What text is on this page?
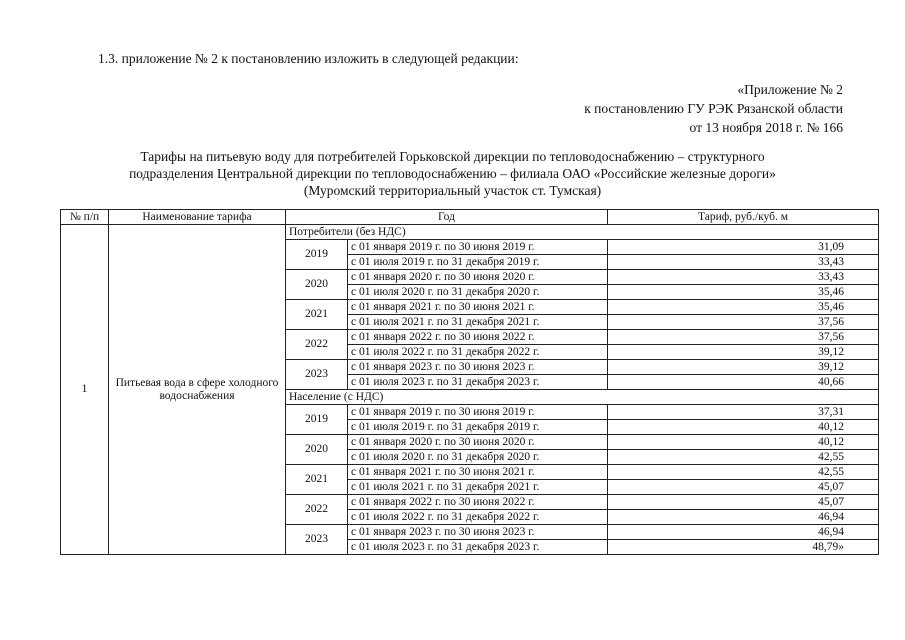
1.3. приложение № 2 к постановлению изложить в следующей редакции:
«Приложение № 2
к постановлению ГУ РЭК Рязанской области
от 13 ноября 2018 г. № 166
Тарифы на питьевую воду для потребителей Горьковской дирекции по тепловодоснабжению – структурного
подразделения Центральной дирекции по тепловодоснабжению – филиала ОАО «Российские железные дороги»
(Муромский территориальный участок ст. Тумская)
№ п/п	Наименование тарифа	Год		Тариф, руб./куб. м
1	Питьевая вода в сфере холодного водоснабжения	Потребители (без НДС)		
		2019	с 01 января 2019 г. по 30 июня 2019 г.	31,09
			с 01 июля 2019 г. по 31 декабря 2019 г.	33,43
		2020	с 01 января 2020 г. по 30 июня 2020 г.	33,43
			с 01 июля 2020 г. по 31 декабря 2020 г.	35,46
		2021	с 01 января 2021 г. по 30 июня 2021 г.	35,46
			с 01 июля 2021 г. по 31 декабря 2021 г.	37,56
		2022	с 01 января 2022 г. по 30 июня 2022 г.	37,56
			с 01 июля 2022 г. по 31 декабря 2022 г.	39,12
		2023	с 01 января 2023 г. по 30 июня 2023 г.	39,12
			с 01 июля 2023 г. по 31 декабря 2023 г.	40,66
		Население (с НДС)		
		2019	с 01 января 2019 г. по 30 июня 2019 г.	37,31
			с 01 июля 2019 г. по 31 декабря 2019 г.	40,12
		2020	с 01 января 2020 г. по 30 июня 2020 г.	40,12
			с 01 июля 2020 г. по 31 декабря 2020 г.	42,55
		2021	с 01 января 2021 г. по 30 июня 2021 г.	42,55
			с 01 июля 2021 г. по 31 декабря 2021 г.	45,07
		2022	с 01 января 2022 г. по 30 июня 2022 г.	45,07
			с 01 июля 2022 г. по 31 декабря 2022 г.	46,94
		2023	с 01 января 2023 г. по 30 июня 2023 г.	46,94
			с 01 июля 2023 г. по 31 декабря 2023 г.	48,79»
